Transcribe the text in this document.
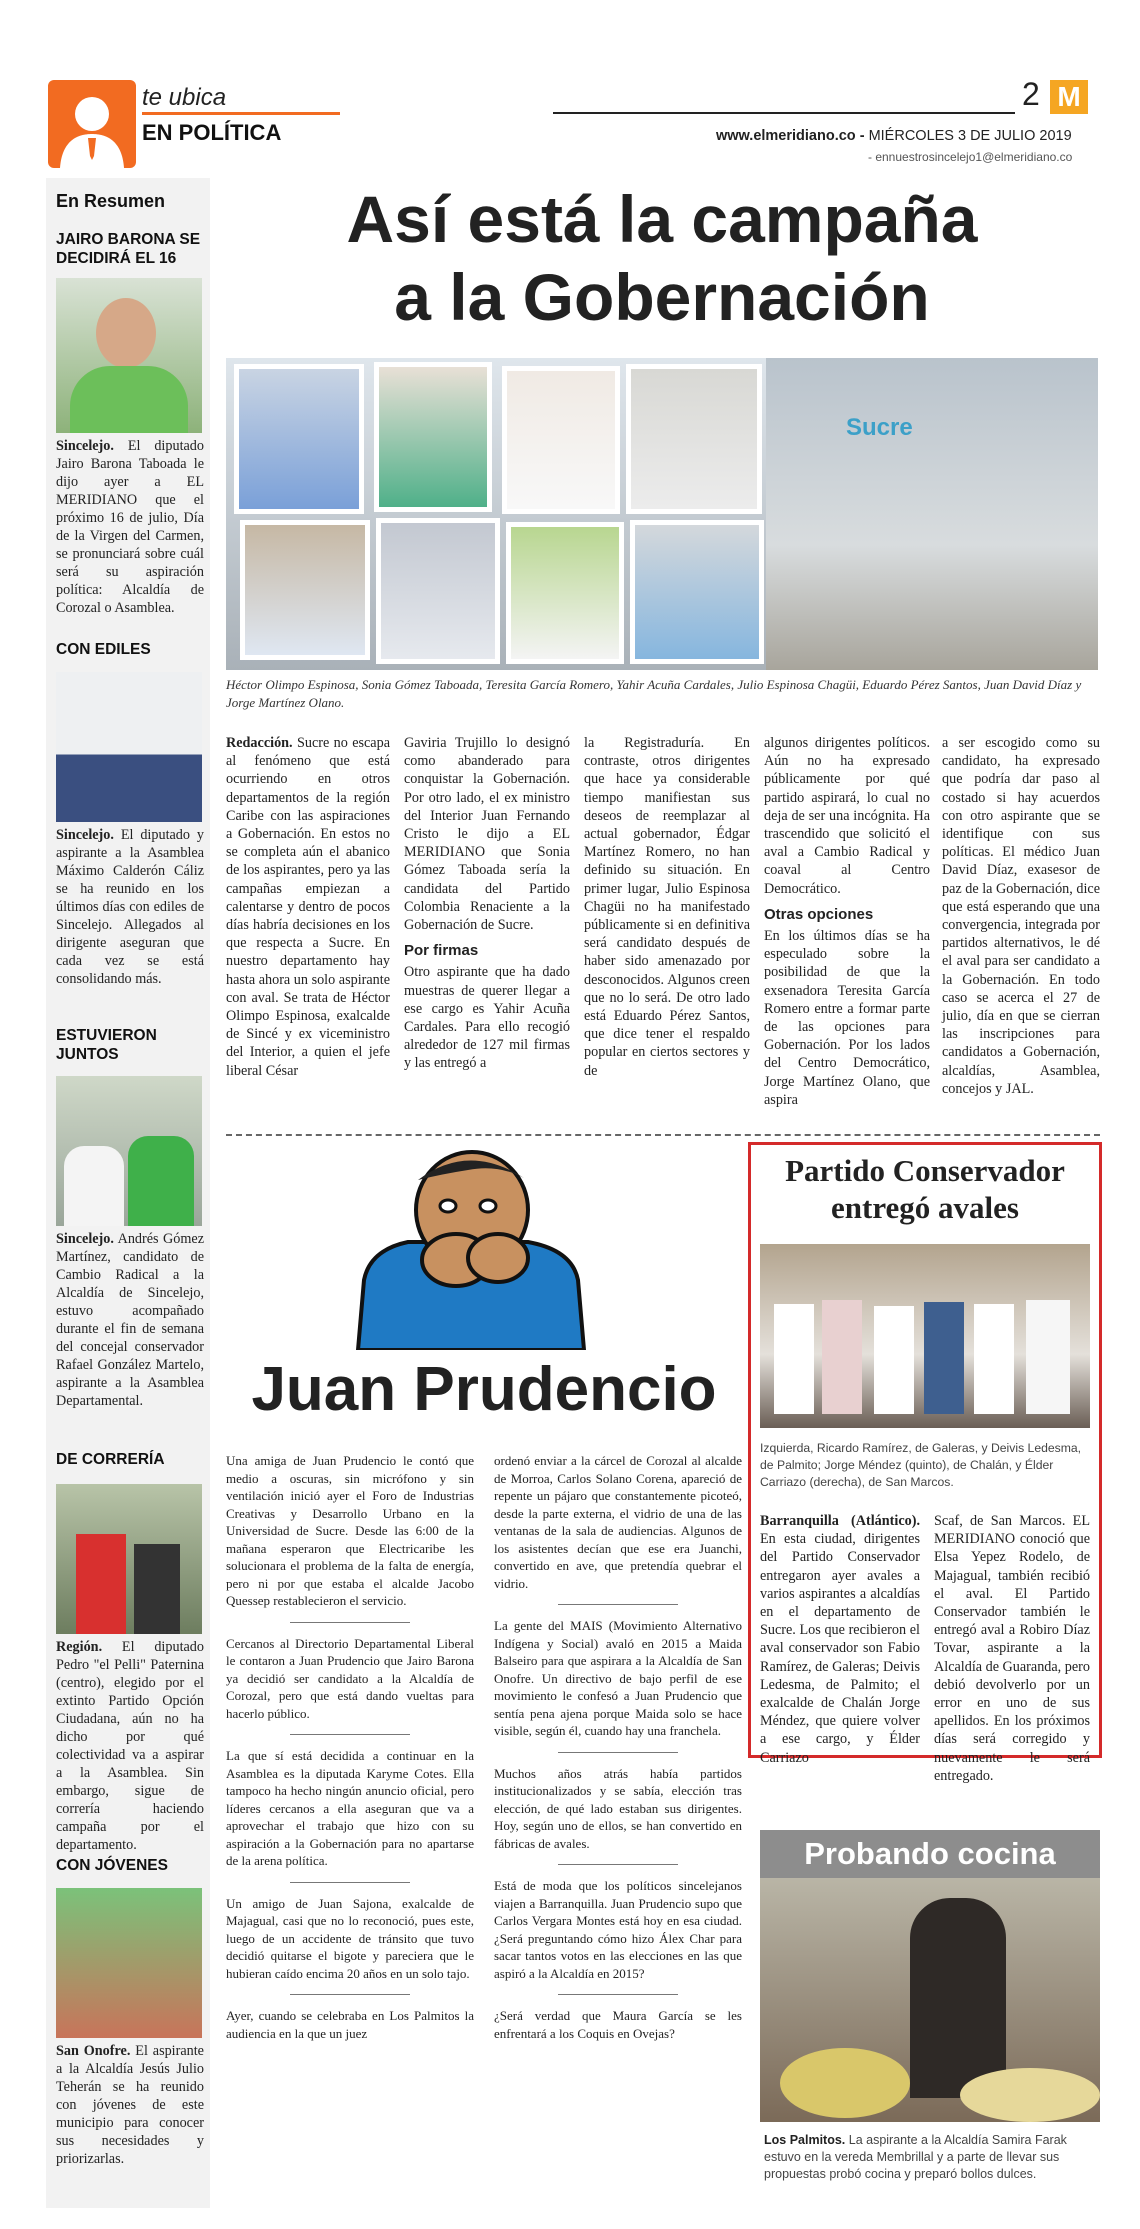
te ubica
EN POLÍTICA
2 M
www.elmeridiano.co - MIÉRCOLES 3 DE JULIO 2019
- ennuestrosincelejo1@elmeridiano.co
En Resumen
JAIRO BARONA SE DECIDIRÁ EL 16
Sincelejo. El diputado Jairo Barona Taboada le dijo ayer a EL MERIDIANO que el próximo 16 de julio, Día de la Virgen del Carmen, se pronunciará sobre cuál será su aspiración política: Alcaldía de Corozal o Asamblea.
CON EDILES
Sincelejo. El diputado y aspirante a la Asamblea Máximo Calderón Cáliz se ha reunido en los últimos días con ediles de Sincelejo. Allegados al dirigente aseguran que cada vez se está consolidando más.
ESTUVIERON JUNTOS
Sincelejo. Andrés Gómez Martínez, candidato de Cambio Radical a la Alcaldía de Sincelejo, estuvo acompañado durante el fin de semana del concejal conservador Rafael González Martelo, aspirante a la Asamblea Departamental.
DE CORRERÍA
Región. El diputado Pedro "el Pelli" Paternina (centro), elegido por el extinto Partido Opción Ciudadana, aún no ha dicho por qué colectividad va a aspirar a la Asamblea. Sin embargo, sigue de correría haciendo campaña por el departamento.
CON JÓVENES
San Onofre. El aspirante a la Alcaldía Jesús Julio Teherán se ha reunido con jóvenes de este municipio para conocer sus necesidades y priorizarlas.
Así está la campaña
a la Gobernación
Sucre
Héctor Olimpo Espinosa, Sonia Gómez Taboada, Teresita García Romero, Yahir Acuña Cardales, Julio Espinosa Chagüi, Eduardo Pérez Santos, Juan David Díaz y Jorge Martínez Olano.
Redacción. Sucre no escapa al fenómeno que está ocurriendo en otros departamentos de la región Caribe con las aspiraciones a Gobernación. En estos no se completa aún el abanico de los aspirantes, pero ya las campañas empiezan a calentarse y dentro de pocos días habría decisiones en los que respecta a Sucre. En nuestro departamento hay hasta ahora un solo aspirante con aval. Se trata de Héctor Olimpo Espinosa, exalcalde de Sincé y ex viceministro del Interior, a quien el jefe liberal César
Gaviria Trujillo lo designó como abanderado para conquistar la Gobernación. Por otro lado, el ex ministro del Interior Juan Fernando Cristo le dijo a EL MERIDIANO que Sonia Gómez Taboada sería la candidata del Partido Colombia Renaciente a la Gobernación de Sucre.
Por firmas
Otro aspirante que ha dado muestras de querer llegar a ese cargo es Yahir Acuña Cardales. Para ello recogió alrededor de 127 mil firmas y las entregó a
la Registraduría. En contraste, otros dirigentes que hace ya considerable tiempo manifiestan sus deseos de reemplazar al actual gobernador, Édgar Martínez Romero, no han definido su situación. En primer lugar, Julio Espinosa Chagüi no ha manifestado públicamente si en definitiva será candidato después de haber sido amenazado por desconocidos. Algunos creen que no lo será. De otro lado está Eduardo Pérez Santos, que dice tener el respaldo popular en ciertos sectores y de
algunos dirigentes políticos. Aún no ha expresado públicamente por qué partido aspirará, lo cual no deja de ser una incógnita. Ha trascendido que solicitó el aval a Cambio Radical y coaval al Centro Democrático.
Otras opciones
En los últimos días se ha especulado sobre la posibilidad de que la exsenadora Teresita García Romero entre a formar parte de las opciones para Gobernación. Por los lados del Centro Democrático, Jorge Martínez Olano, que aspira
a ser escogido como su candidato, ha expresado que podría dar paso al costado si hay acuerdos con otro aspirante que se identifique con sus políticas. El médico Juan David Díaz, exasesor de paz de la Gobernación, dice que está esperando que una convergencia, integrada por partidos alternativos, le dé el aval para ser candidato a la Gobernación. En todo caso se acerca el 27 de julio, día en que se cierran las inscripciones para candidatos a Gobernación, alcaldías, Asamblea, concejos y JAL.
Juan Prudencio
Una amiga de Juan Prudencio le contó que medio a oscuras, sin micrófono y sin ventilación inició ayer el Foro de Industrias Creativas y Desarrollo Urbano en la Universidad de Sucre. Desde las 6:00 de la mañana esperaron que Electricaribe les solucionara el problema de la falta de energía, pero ni por que estaba el alcalde Jacobo Quessep restablecieron el servicio.
Cercanos al Directorio Departamental Liberal le contaron a Juan Prudencio que Jairo Barona ya decidió ser candidato a la Alcaldía de Corozal, pero que está dando vueltas para hacerlo público.
La que sí está decidida a continuar en la Asamblea es la diputada Karyme Cotes. Ella tampoco ha hecho ningún anuncio oficial, pero líderes cercanos a ella aseguran que va a aprovechar el trabajo que hizo con su aspiración a la Gobernación para no apartarse de la arena política.
Un amigo de Juan Sajona, exalcalde de Majagual, casi que no lo reconoció, pues este, luego de un accidente de tránsito que tuvo decidió quitarse el bigote y pareciera que le hubieran caído encima 20 años en un solo tajo.
Ayer, cuando se celebraba en Los Palmitos la audiencia en la que un juez
ordenó enviar a la cárcel de Corozal al alcalde de Morroa, Carlos Solano Corena, apareció de repente un pájaro que constantemente picoteó, desde la parte externa, el vidrio de una de las ventanas de la sala de audiencias. Algunos de los asistentes decían que ese era Juanchi, convertido en ave, que pretendía quebrar el vidrio.
La gente del MAIS (Movimiento Alternativo Indígena y Social) avaló en 2015 a Maida Balseiro para que aspirara a la Alcaldía de San Onofre. Un directivo de bajo perfil de ese movimiento le confesó a Juan Prudencio que sentía pena ajena porque Maida solo se hace visible, según él, cuando hay una franchela.
Muchos años atrás había partidos institucionalizados y se sabía, elección tras elección, de qué lado estaban sus dirigentes. Hoy, según uno de ellos, se han convertido en fábricas de avales.
Está de moda que los políticos sincelejanos viajen a Barranquilla. Juan Prudencio supo que Carlos Vergara Montes está hoy en esa ciudad. ¿Será preguntando cómo hizo Álex Char para sacar tantos votos en las elecciones en las que aspiró a la Alcaldía en 2015?
¿Será verdad que Maura García se les enfrentará a los Coquis en Ovejas?
Partido Conservador
entregó avales
Izquierda, Ricardo Ramírez, de Galeras, y Deivis Ledesma, de Palmito; Jorge Méndez (quinto), de Chalán, y Élder Carriazo (derecha), de San Marcos.
Barranquilla (Atlántico). En esta ciudad, dirigentes del Partido Conservador entregaron ayer avales a varios aspirantes a alcaldías en el departamento de Sucre. Los que recibieron el aval conservador son Fabio Ramírez, de Galeras; Deivis Ledesma, de Palmito; el exalcalde de Chalán Jorge Méndez, que quiere volver a ese cargo, y Élder Carriazo
Scaf, de San Marcos. EL MERIDIANO conoció que Elsa Yepez Rodelo, de Majagual, también recibió el aval. El Partido Conservador también le entregó aval a Robiro Díaz Tovar, aspirante a la Alcaldía de Guaranda, pero debió devolverlo por un error en uno de sus apellidos. En los próximos días será corregido y nuevamente le será entregado.
Probando cocina
Los Palmitos. La aspirante a la Alcaldía Samira Farak estuvo en la vereda Membrillal y a parte de llevar sus propuestas probó cocina y preparó bollos dulces.
